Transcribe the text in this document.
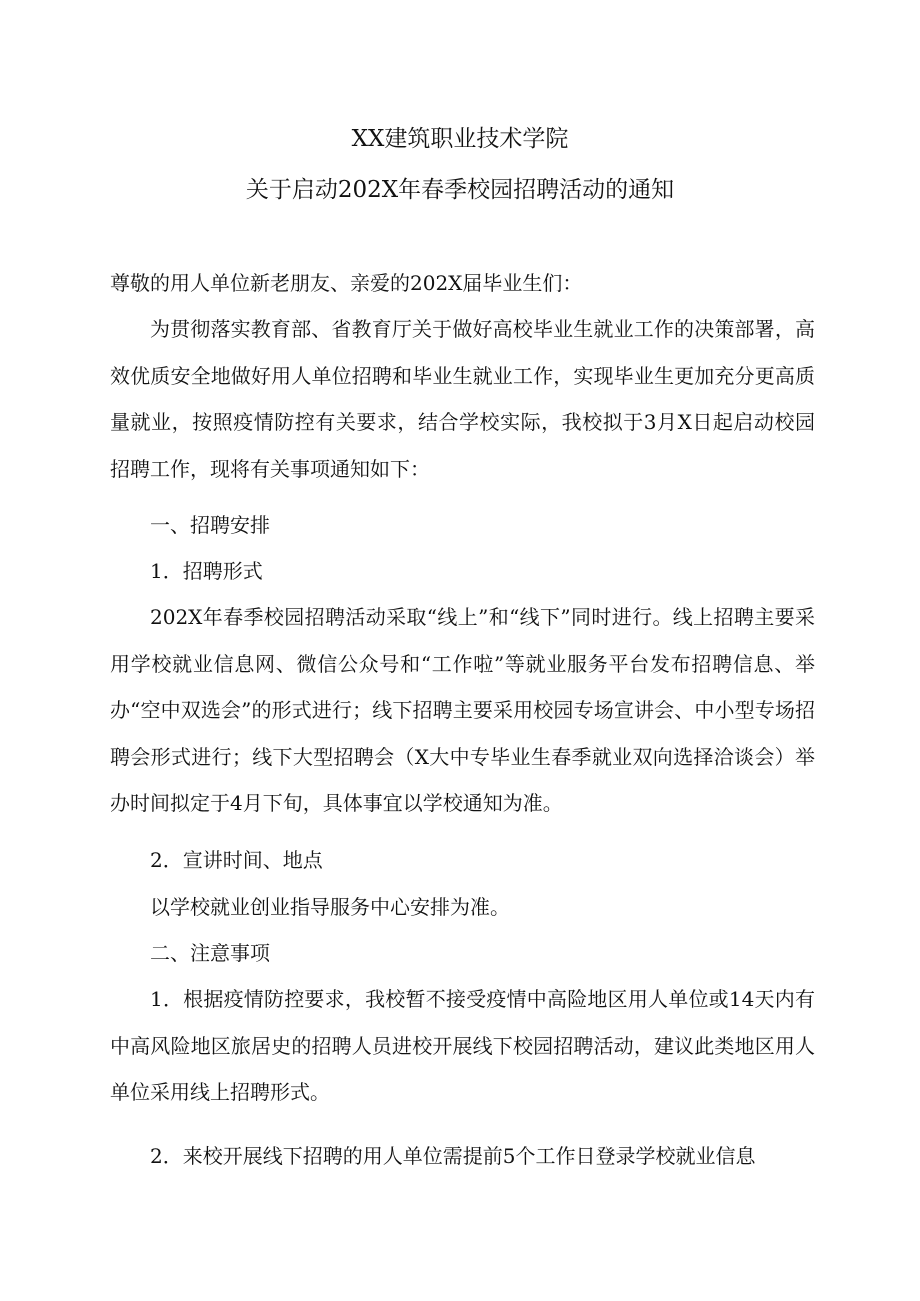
XX建筑职业技术学院
关于启动202X年春季校园招聘活动的通知
尊敬的用人单位新老朋友、亲爱的202X届毕业生们：
为贯彻落实教育部、省教育厅关于做好高校毕业生就业工作的决策部署，高效优质安全地做好用人单位招聘和毕业生就业工作，实现毕业生更加充分更高质量就业，按照疫情防控有关要求，结合学校实际，我校拟于3月X日起启动校园招聘工作，现将有关事项通知如下：
一、招聘安排
1．招聘形式
202X年春季校园招聘活动采取“线上”和“线下”同时进行。线上招聘主要采用学校就业信息网、微信公众号和“工作啦”等就业服务平台发布招聘信息、举办“空中双选会”的形式进行；线下招聘主要采用校园专场宣讲会、中小型专场招聘会形式进行；线下大型招聘会（X大中专毕业生春季就业双向选择洽谈会）举办时间拟定于4月下旬，具体事宜以学校通知为准。
2．宣讲时间、地点
以学校就业创业指导服务中心安排为准。
二、注意事项
1．根据疫情防控要求，我校暂不接受疫情中高险地区用人单位或14天内有中高风险地区旅居史的招聘人员进校开展线下校园招聘活动，建议此类地区用人单位采用线上招聘形式。
2．来校开展线下招聘的用人单位需提前5个工作日登录学校就业信息
